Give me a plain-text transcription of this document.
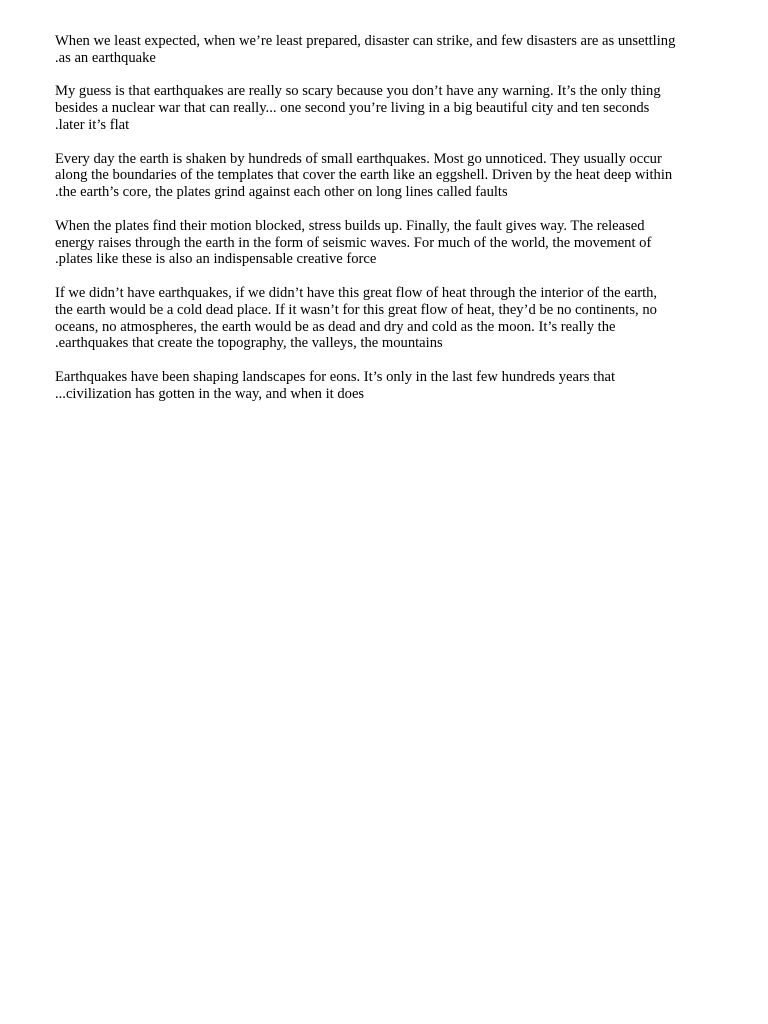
When we least expected, when we’re least prepared, disaster can strike, and few disasters are as unsettling
.as an earthquake

My guess is that earthquakes are really so scary because you don’t have any warning. It’s the only thing
besides a nuclear war that can really... one second you’re living in a big beautiful city and ten seconds
.later it’s flat

Every day the earth is shaken by hundreds of small earthquakes. Most go unnoticed. They usually occur
along the boundaries of the templates that cover the earth like an eggshell. Driven by the heat deep within
.the earth’s core, the plates grind against each other on long lines called faults

When the plates find their motion blocked, stress builds up. Finally, the fault gives way. The released
energy raises through the earth in the form of seismic waves. For much of the world, the movement of
.plates like these is also an indispensable creative force

If we didn’t have earthquakes, if we didn’t have this great flow of heat through the interior of the earth,
the earth would be a cold dead place. If it wasn’t for this great flow of heat, they’d be no continents, no
oceans, no atmospheres, the earth would be as dead and dry and cold as the moon. It’s really the
.earthquakes that create the topography, the valleys, the mountains

Earthquakes have been shaping landscapes for eons. It’s only in the last few hundreds years that
...civilization has gotten in the way, and when it does
